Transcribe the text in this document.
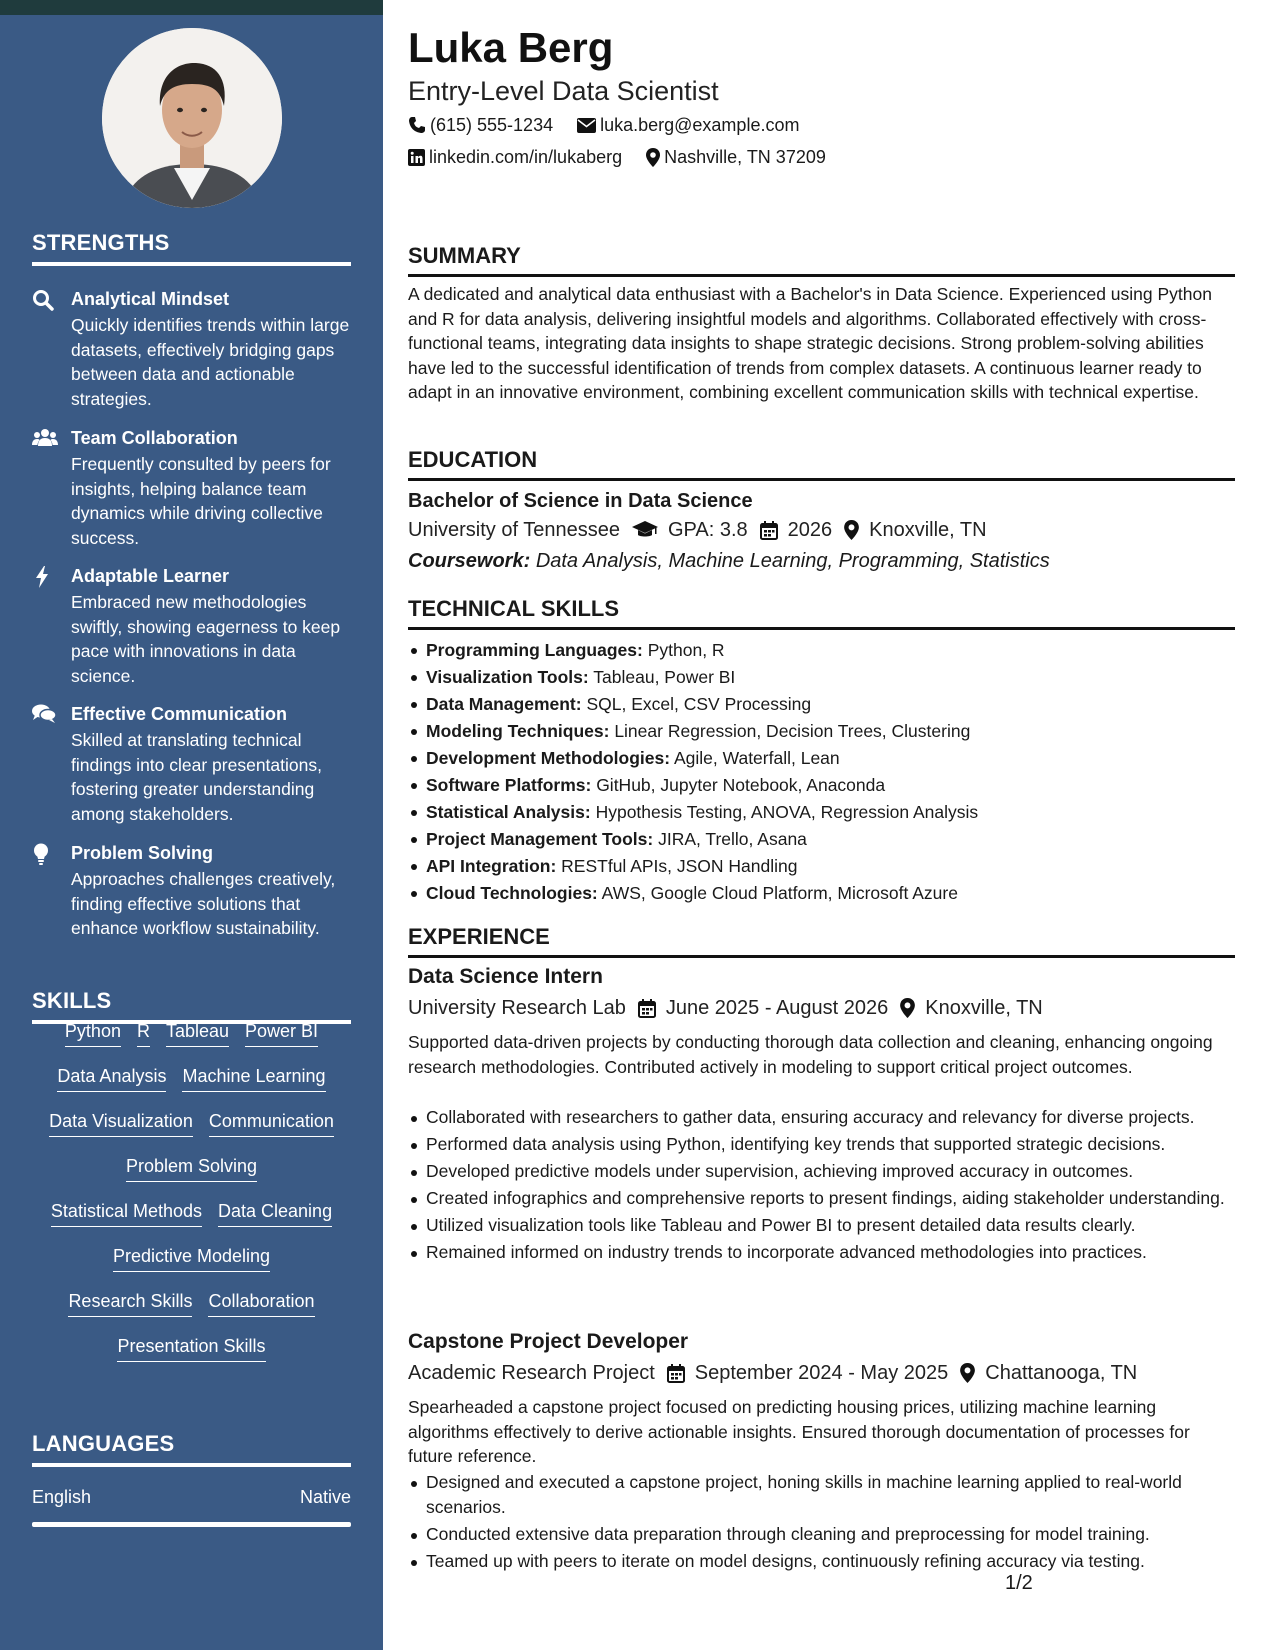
STRENGTHS
Analytical Mindset
Quickly identifies trends within large datasets, effectively bridging gaps between data and actionable strategies.
Team Collaboration
Frequently consulted by peers for insights, helping balance team dynamics while driving collective success.
Adaptable Learner
Embraced new methodologies swiftly, showing eagerness to keep pace with innovations in data science.
Effective Communication
Skilled at translating technical findings into clear presentations, fostering greater understanding among stakeholders.
Problem Solving
Approaches challenges creatively, finding effective solutions that enhance workflow sustainability.
SKILLS
Python R Tableau Power BI
Data Analysis Machine Learning
Data Visualization Communication
Problem Solving
Statistical Methods Data Cleaning
Predictive Modeling
Research Skills Collaboration
Presentation Skills
LANGUAGES
English	Native
Luka Berg
Entry-Level Data Scientist
(615) 555-1234	luka.berg@example.com
linkedin.com/in/lukaberg Nashville, TN 37209
SUMMARY
A dedicated and analytical data enthusiast with a Bachelor's in Data Science. Experienced using Python and R for data analysis, delivering insightful models and algorithms. Collaborated effectively with cross-functional teams, integrating data insights to shape strategic decisions. Strong problem-solving abilities have led to the successful identification of trends from complex datasets. A continuous learner ready to adapt in an innovative environment, combining excellent communication skills with technical expertise.
EDUCATION
Bachelor of Science in Data Science
University of Tennessee GPA: 3.8 2026 Knoxville, TN
Coursework: Data Analysis, Machine Learning, Programming, Statistics
TECHNICAL SKILLS
Programming Languages: Python, R
Visualization Tools: Tableau, Power BI
Data Management: SQL, Excel, CSV Processing
Modeling Techniques: Linear Regression, Decision Trees, Clustering
Development Methodologies: Agile, Waterfall, Lean
Software Platforms: GitHub, Jupyter Notebook, Anaconda
Statistical Analysis: Hypothesis Testing, ANOVA, Regression Analysis
Project Management Tools: JIRA, Trello, Asana
API Integration: RESTful APIs, JSON Handling
Cloud Technologies: AWS, Google Cloud Platform, Microsoft Azure
EXPERIENCE
Data Science Intern
University Research Lab June 2025 - August 2026 Knoxville, TN
Supported data-driven projects by conducting thorough data collection and cleaning, enhancing ongoing research methodologies. Contributed actively in modeling to support critical project outcomes.
Collaborated with researchers to gather data, ensuring accuracy and relevancy for diverse projects.
Performed data analysis using Python, identifying key trends that supported strategic decisions.
Developed predictive models under supervision, achieving improved accuracy in outcomes.
Created infographics and comprehensive reports to present findings, aiding stakeholder understanding.
Utilized visualization tools like Tableau and Power BI to present detailed data results clearly.
Remained informed on industry trends to incorporate advanced methodologies into practices.
Capstone Project Developer
Academic Research Project September 2024 - May 2025 Chattanooga, TN
Spearheaded a capstone project focused on predicting housing prices, utilizing machine learning algorithms effectively to derive actionable insights. Ensured thorough documentation of processes for future reference.
Designed and executed a capstone project, honing skills in machine learning applied to real-world scenarios.
Conducted extensive data preparation through cleaning and preprocessing for model training.
Teamed up with peers to iterate on model designs, continuously refining accuracy via testing.
1/2
